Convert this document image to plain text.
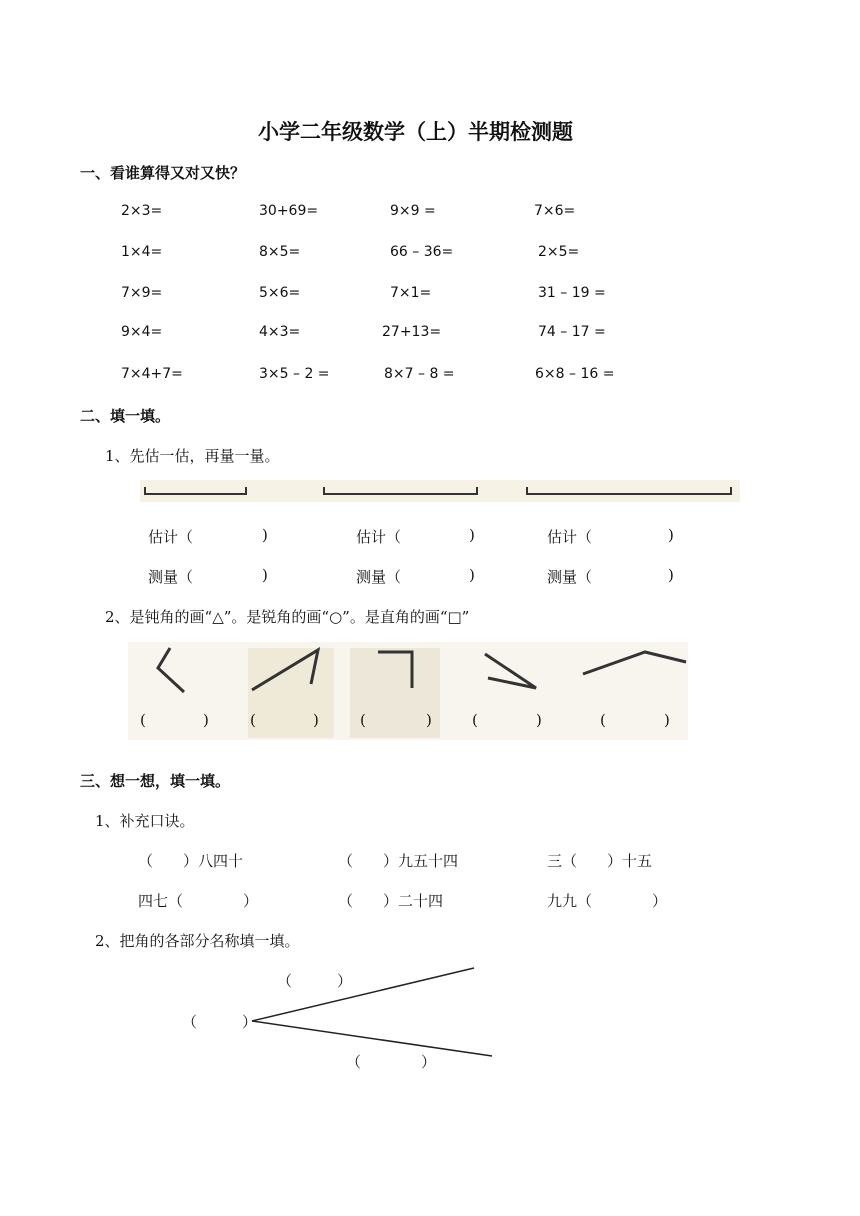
小学二年级数学（上）半期检测题
一、看谁算得又对又快？
2×3=	30+69=	9×9 =	7×6=
1×4=	8×5=	66 – 36=	2×5=
7×9=	5×6=	7×1=	31 – 19 =
9×4=	4×3=	27+13=	74 – 17 =
7×4+7=	3×5 – 2 =	8×7 – 8 =	6×8 – 16 =
二、填一填。
1、先估一估，再量一量。
估计（	)	估计（	)	估计（	)
测量（	)	测量（	)	测量（	)
2、是钝角的画“△”。是锐角的画“○”。是直角的画“□”
(	)	(	)	(	)	(	)	(	)
三、想一想，填一填。
1、补充口诀。
（　　）八四十	（　　）九五十四	三（　　）十五
四七（　　　　）	（　　）二十四	九九（　　　　）
2、把角的各部分名称填一填。
（　　　）
（　　　）
（　　　　）
